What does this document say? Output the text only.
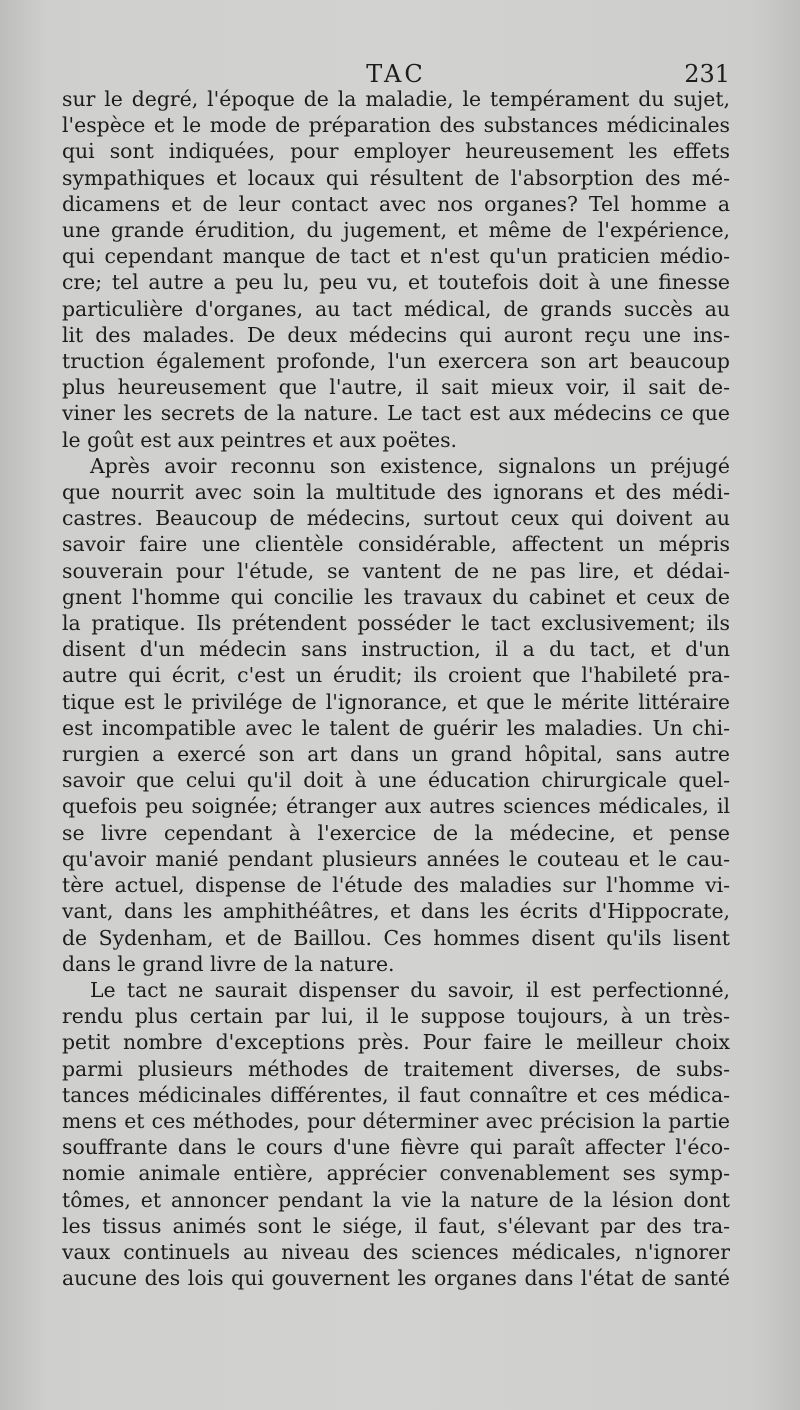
TAC	231

sur le degré, l'époque de la maladie, le tempérament du sujet,
l'espèce et le mode de préparation des substances médicinales
qui sont indiquées, pour employer heureusement les effets
sympathiques et locaux qui résultent de l'absorption des mé-
dicamens et de leur contact avec nos organes? Tel homme a
une grande érudition, du jugement, et même de l'expérience,
qui cependant manque de tact et n'est qu'un praticien médio-
cre; tel autre a peu lu, peu vu, et toutefois doit à une finesse
particulière d'organes, au tact médical, de grands succès au
lit des malades. De deux médecins qui auront reçu une ins-
truction également profonde, l'un exercera son art beaucoup
plus heureusement que l'autre, il sait mieux voir, il sait de-
viner les secrets de la nature. Le tact est aux médecins ce que
le goût est aux peintres et aux poëtes.

Après avoir reconnu son existence, signalons un préjugé
que nourrit avec soin la multitude des ignorans et des médi-
castres. Beaucoup de médecins, surtout ceux qui doivent au
savoir faire une clientèle considérable, affectent un mépris
souverain pour l'étude, se vantent de ne pas lire, et dédai-
gnent l'homme qui concilie les travaux du cabinet et ceux de
la pratique. Ils prétendent posséder le tact exclusivement; ils
disent d'un médecin sans instruction, il a du tact, et d'un
autre qui écrit, c'est un érudit; ils croient que l'habileté pra-
tique est le privilége de l'ignorance, et que le mérite littéraire
est incompatible avec le talent de guérir les maladies. Un chi-
rurgien a exercé son art dans un grand hôpital, sans autre
savoir que celui qu'il doit à une éducation chirurgicale quel-
quefois peu soignée; étranger aux autres sciences médicales, il
se livre cependant à l'exercice de la médecine, et pense
qu'avoir manié pendant plusieurs années le couteau et le cau-
tère actuel, dispense de l'étude des maladies sur l'homme vi-
vant, dans les amphithéâtres, et dans les écrits d'Hippocrate,
de Sydenham, et de Baillou. Ces hommes disent qu'ils lisent
dans le grand livre de la nature.

Le tact ne saurait dispenser du savoir, il est perfectionné,
rendu plus certain par lui, il le suppose toujours, à un très-
petit nombre d'exceptions près. Pour faire le meilleur choix
parmi plusieurs méthodes de traitement diverses, de subs-
tances médicinales différentes, il faut connaître et ces médica-
mens et ces méthodes, pour déterminer avec précision la partie
souffrante dans le cours d'une fièvre qui paraît affecter l'éco-
nomie animale entière, apprécier convenablement ses symp-
tômes, et annoncer pendant la vie la nature de la lésion dont
les tissus animés sont le siége, il faut, s'élevant par des tra-
vaux continuels au niveau des sciences médicales, n'ignorer
aucune des lois qui gouvernent les organes dans l'état de santé
